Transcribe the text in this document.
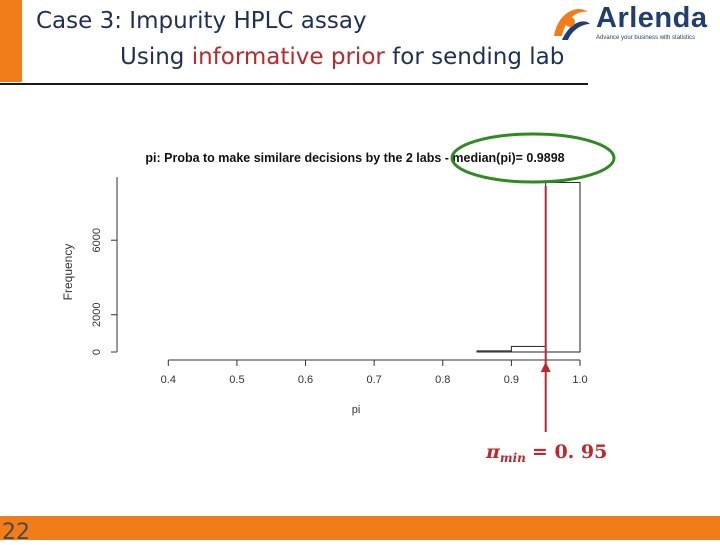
Case 3: Impurity HPLC assay
Using informative prior for sending lab
Arlenda
Advance your business with statistics
pi: Proba to make similare decisions by the 2 labs - median(pi)= 0.9898
0
2000
6000
0.4	0.5	0.6	0.7	0.8	0.9	1.0
Frequency
pi
$\pi_{min} = 0$. 95
22
